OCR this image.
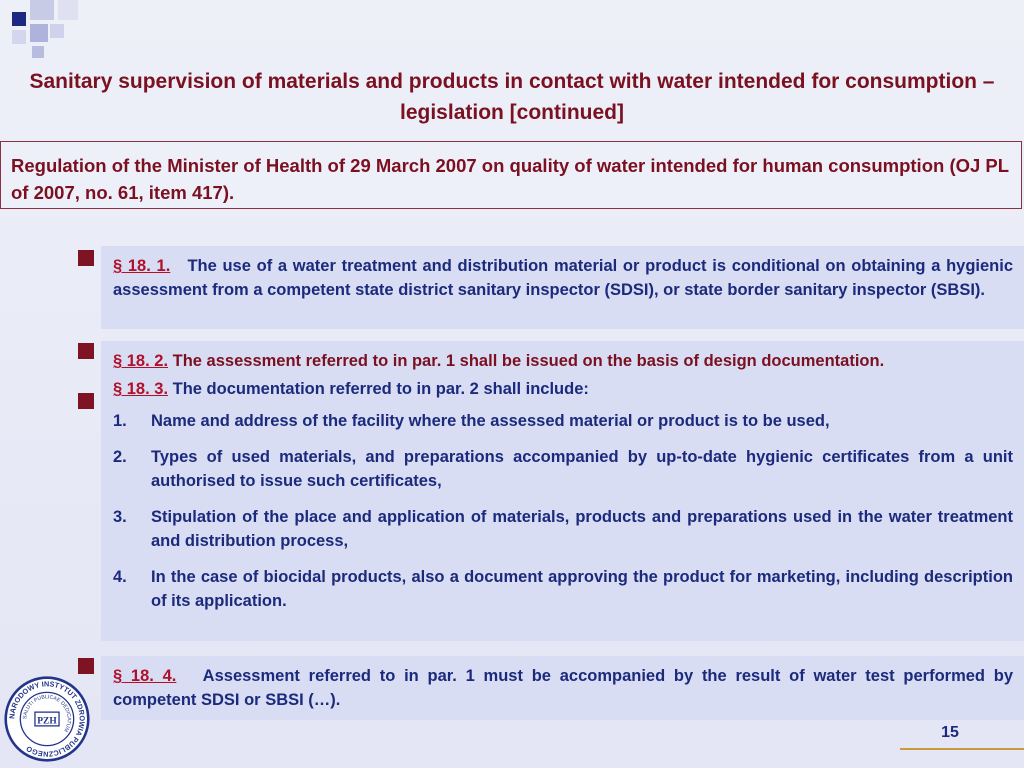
Sanitary supervision of materials and products in contact with water intended for consumption – legislation [continued]
Regulation of the Minister of Health of 29 March 2007 on quality of water intended for human consumption (OJ PL of 2007, no. 61, item 417).
§ 18. 1. The use of a water treatment and distribution material or product is conditional on obtaining a hygienic assessment from a competent state district sanitary inspector (SDSI), or state border sanitary inspector (SBSI).
§ 18. 2. The assessment referred to in par. 1 shall be issued on the basis of design documentation.
§ 18. 3. The documentation referred to in par. 2 shall include:
1.	Name and address of the facility where the assessed material or product is to be used,
2.	Types of used materials, and preparations accompanied by up-to-date hygienic certificates from a unit authorised to issue such certificates,
3.	Stipulation of the place and application of materials, products and preparations used in the water treatment and distribution process,
4.	In the case of biocidal products, also a document approving the product for marketing, including description of its application.
§ 18. 4. Assessment referred to in par. 1 must be accompanied by the result of water test performed by competent SDSI or SBSI (…).
NARODOWY INSTYTUT ZDROWIA PUBLICZNEGO
SALUTI PUBLICAE DEDICATUM
PZH
15
